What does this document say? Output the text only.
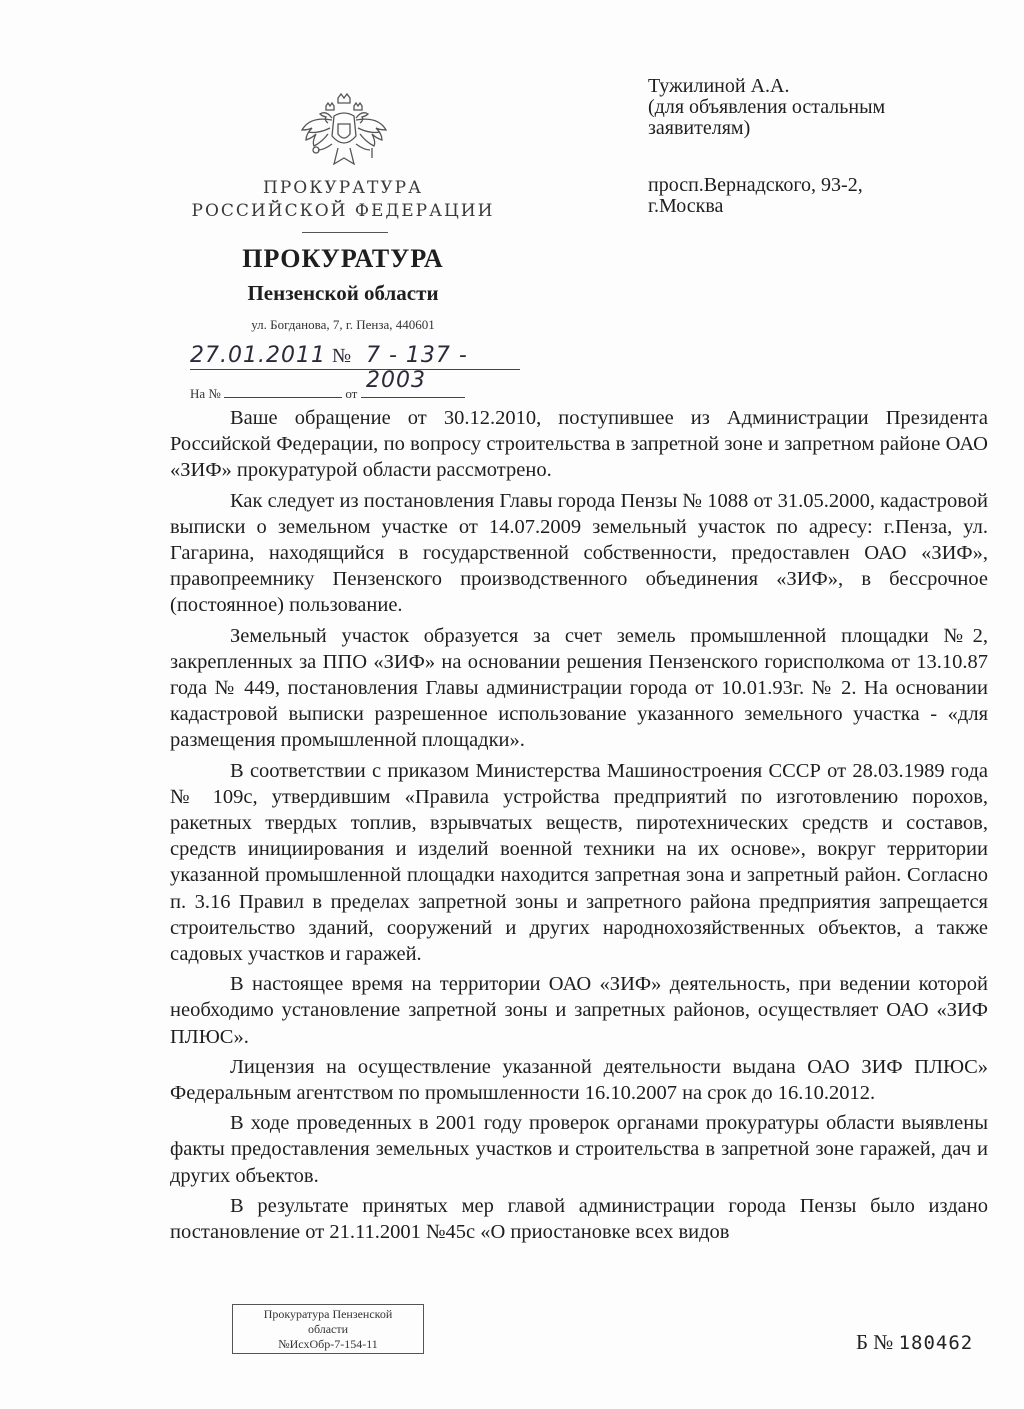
ПРОКУРАТУРА
РОССИЙСКОЙ ФЕДЕРАЦИИ
ПРОКУРАТУРА
Пензенской области
ул. Богданова, 7, г. Пенза, 440601
27.01.2011 № 7 - 137 - 2003
На №	от
Тужилиной А.А.
(для объявления остальным
заявителям)
просп.Вернадского, 93-2,
г.Москва

Ваше обращение от 30.12.2010, поступившее из Администрации Президента Российской Федерации, по вопросу строительства в запретной зоне и запретном районе ОАО «ЗИФ» прокуратурой области рассмотрено.

Как следует из постановления Главы города Пензы № 1088 от 31.05.2000, кадастровой выписки о земельном участке от 14.07.2009 земельный участок по адресу: г.Пенза, ул. Гагарина, находящийся в государственной собственности, предоставлен ОАО «ЗИФ», правопреемнику Пензенского производственного объединения «ЗИФ», в бессрочное (постоянное) пользование.

Земельный участок образуется за счет земель промышленной площадки №2, закрепленных за ППО «ЗИФ» на основании решения Пензенского горисполкома от 13.10.87 года № 449, постановления Главы администрации города от 10.01.93г. № 2. На основании кадастровой выписки разрешенное использование указанного земельного участка - «для размещения промышленной площадки».

В соответствии с приказом Министерства Машиностроения СССР от 28.03.1989 года № 109с, утвердившим «Правила устройства предприятий по изготовлению порохов, ракетных твердых топлив, взрывчатых веществ, пиротехнических средств и составов, средств инициирования и изделий военной техники на их основе», вокруг территории указанной промышленной площадки находится запретная зона и запретный район. Согласно п. 3.16 Правил в пределах запретной зоны и запретного района предприятия запрещается строительство зданий, сооружений и других народнохозяйственных объектов, а также садовых участков и гаражей.

В настоящее время на территории ОАО «ЗИФ» деятельность, при ведении которой необходимо установление запретной зоны и запретных районов, осуществляет ОАО «ЗИФ ПЛЮС».

Лицензия на осуществление указанной деятельности выдана ОАО ЗИФ ПЛЮС» Федеральным агентством по промышленности 16.10.2007 на срок до 16.10.2012.

В ходе проведенных в 2001 году проверок органами прокуратуры области выявлены факты предоставления земельных участков и строительства в запретной зоне гаражей, дач и других объектов.

В результате принятых мер главой администрации города Пензы было издано постановление от 21.11.2001 №45с «О приостановке всех видов

Прокуратура Пензенской
области
№ИсхОбр-7-154-11	Б № 180462
